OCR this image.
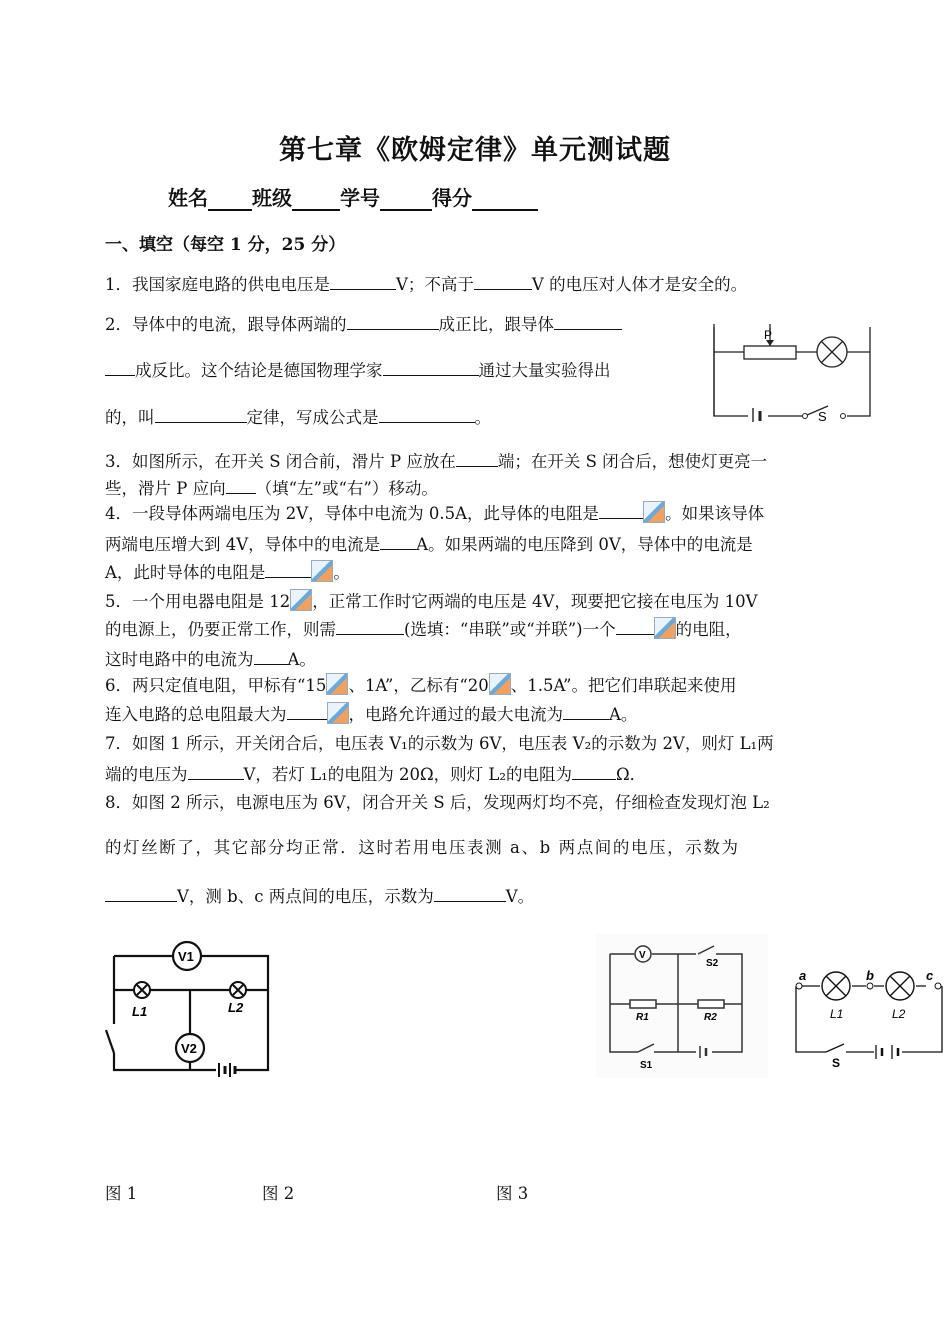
第七章《欧姆定律》单元测试题
姓名 班级 学号	得分
一、填空（每空 1 分，25 分）
1．我国家庭电路的供电电压是	V；不高于	V 的电压对人体才是安全的。
2．导体中的电流，跟导体两端的	成正比，跟导体
成反比。这个结论是德国物理学家	通过大量实验得出
的，叫	定律，写成公式是	。
3．如图所示，在开关 S 闭合前，滑片 P 应放在	端；在开关 S 闭合后，想使灯更亮一
些，滑片 P 应向 （填“左”或“右”）移动。
4．一段导体两端电压为 2V，导体中电流为 0.5A，此导体的电阻是	。如果该导体
两端电压增大到 4V，导体中的电流是 A。如果两端的电压降到 0V，导体中的电流是
A，此时导体的电阻是	。
5．一个用电器电阻是 12 ，正常工作时它两端的电压是 4V，现要把它接在电压为 10V
的电源上，仍要正常工作，则需	(选填：“串联”或“并联”)一个	的电阻，
这时电路中的电流为 A。
6．两只定值电阻，甲标有“15 、1A”，乙标有“20 、1.5A”。把它们串联起来使用
连入电路的总电阻最大为	，电路允许通过的最大电流为	A。
7．如图 1 所示，开关闭合后，电压表 V₁的示数为 6V，电压表 V₂的示数为 2V，则灯 L₁两
端的电压为	V，若灯 L₁的电阻为 20Ω，则灯 L₂的电阻为	Ω．
8．如图 2 所示，电源电压为 6V，闭合开关 S 后，发现两灯均不亮，仔细检查发现灯泡 L₂
的灯丝断了，其它部分均正常．这时若用电压表测 a、b 两点间的电压，示数为
V，测 b、c 两点间的电压，示数为	V。
P
S
V1
L1	L2
V2
V
S2
R1	R2
S1
a	b	c
L1	L2
S
图 1	图 2	图 3
